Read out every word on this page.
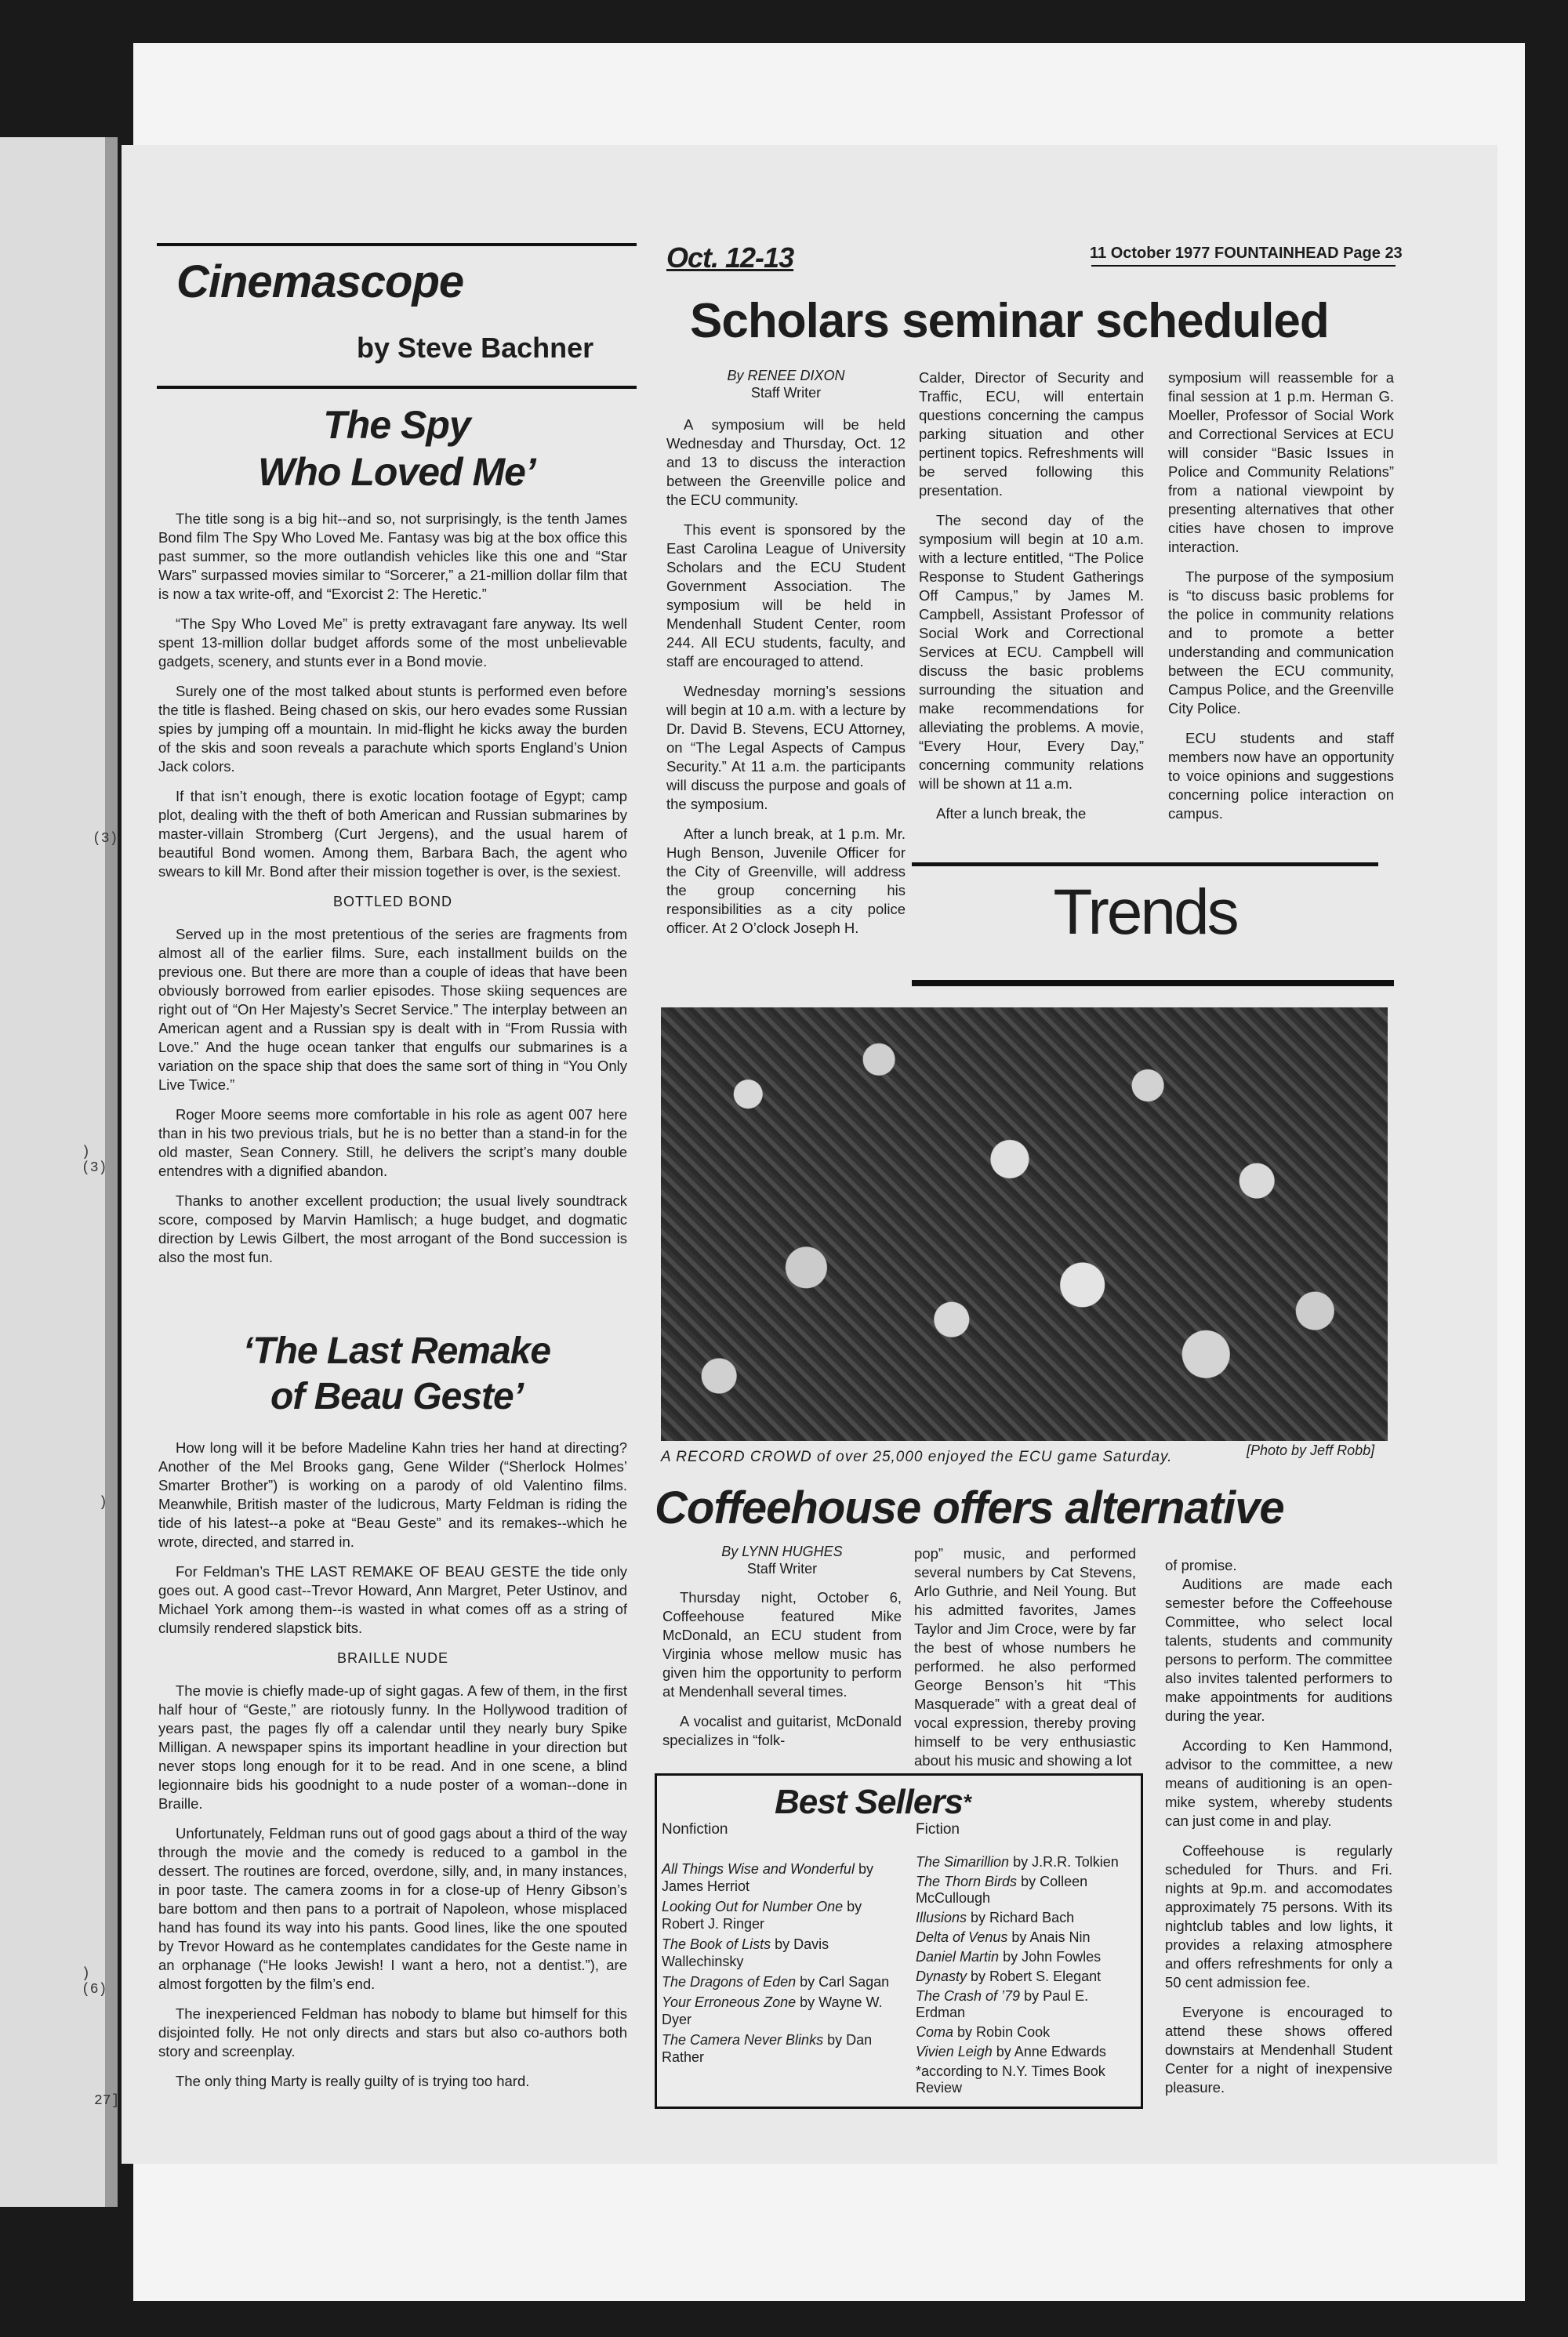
(3)
) (3)
)
) (6)
27]
Cinemascope
by Steve Bachner
The Spy
Who Loved Me’

The title song is a big hit--and so, not surprisingly, is the tenth James Bond film The Spy Who Loved Me. Fantasy was big at the box office this past summer, so the more outlandish vehicles like this one and “Star Wars” surpassed movies similar to “Sorcerer,” a 21-million dollar film that is now a tax write-off, and “Exorcist 2: The Heretic.”

“The Spy Who Loved Me” is pretty extravagant fare anyway. Its well spent 13-million dollar budget affords some of the most unbelievable gadgets, scenery, and stunts ever in a Bond movie.

Surely one of the most talked about stunts is performed even before the title is flashed. Being chased on skis, our hero evades some Russian spies by jumping off a mountain. In mid-flight he kicks away the burden of the skis and soon reveals a parachute which sports England’s Union Jack colors.

If that isn’t enough, there is exotic location footage of Egypt; camp plot, dealing with the theft of both American and Russian submarines by master-villain Stromberg (Curt Jergens), and the usual harem of beautiful Bond women. Among them, Barbara Bach, the agent who swears to kill Mr. Bond after their mission together is over, is the sexiest.

BOTTLED BOND

Served up in the most pretentious of the series are fragments from almost all of the earlier films. Sure, each installment builds on the previous one. But there are more than a couple of ideas that have been obviously borrowed from earlier episodes. Those skiing sequences are right out of “On Her Majesty’s Secret Service.” The interplay between an American agent and a Russian spy is dealt with in “From Russia with Love.” And the huge ocean tanker that engulfs our submarines is a variation on the space ship that does the same sort of thing in “You Only Live Twice.”

Roger Moore seems more comfortable in his role as agent 007 here than in his two previous trials, but he is no better than a stand-in for the old master, Sean Connery. Still, he delivers the script’s many double entendres with a dignified abandon.

Thanks to another excellent production; the usual lively soundtrack score, composed by Marvin Hamlisch; a huge budget, and dogmatic direction by Lewis Gilbert, the most arrogant of the Bond succession is also the most fun.

‘The Last Remake
of Beau Geste’

How long will it be before Madeline Kahn tries her hand at directing? Another of the Mel Brooks gang, Gene Wilder (“Sherlock Holmes’ Smarter Brother”) is working on a parody of old Valentino films. Meanwhile, British master of the ludicrous, Marty Feldman is riding the tide of his latest--a poke at “Beau Geste” and its remakes--which he wrote, directed, and starred in.

For Feldman’s THE LAST REMAKE OF BEAU GESTE the tide only goes out. A good cast--Trevor Howard, Ann Margret, Peter Ustinov, and Michael York among them--is wasted in what comes off as a string of clumsily rendered slapstick bits.

BRAILLE NUDE

The movie is chiefly made-up of sight gagas. A few of them, in the first half hour of “Geste,” are riotously funny. In the Hollywood tradition of years past, the pages fly off a calendar until they nearly bury Spike Milligan. A newspaper spins its important headline in your direction but never stops long enough for it to be read. And in one scene, a blind legionnaire bids his goodnight to a nude poster of a woman--done in Braille.

Unfortunately, Feldman runs out of good gags about a third of the way through the movie and the comedy is reduced to a gambol in the dessert. The routines are forced, overdone, silly, and, in many instances, in poor taste. The camera zooms in for a close-up of Henry Gibson’s bare bottom and then pans to a portrait of Napoleon, whose misplaced hand has found its way into his pants. Good lines, like the one spouted by Trevor Howard as he contemplates candidates for the Geste name in an orphanage (“He looks Jewish! I want a hero, not a dentist.”), are almost forgotten by the film’s end.

The inexperienced Feldman has nobody to blame but himself for this disjointed folly. He not only directs and stars but also co-authors both story and screenplay.

The only thing Marty is really guilty of is trying too hard.

Oct. 12-13	11 October 1977 FOUNTAINHEAD Page 23
Scholars seminar scheduled
By RENEE DIXON
Staff Writer

A symposium will be held Wednesday and Thursday, Oct. 12 and 13 to discuss the interaction between the Greenville police and the ECU community.

This event is sponsored by the East Carolina League of University Scholars and the ECU Student Government Association. The symposium will be held in Mendenhall Student Center, room 244. All ECU students, faculty, and staff are encouraged to attend.

Wednesday morning’s sessions will begin at 10 a.m. with a lecture by Dr. David B. Stevens, ECU Attorney, on “The Legal Aspects of Campus Security.” At 11 a.m. the participants will discuss the purpose and goals of the symposium.

After a lunch break, at 1 p.m. Mr. Hugh Benson, Juvenile Officer for the City of Greenville, will address the group concerning his responsibilities as a city police officer. At 2 O’clock Joseph H.

Calder, Director of Security and Traffic, ECU, will entertain questions concerning the campus parking situation and other pertinent topics. Refreshments will be served following this presentation.

The second day of the symposium will begin at 10 a.m. with a lecture entitled, “The Police Response to Student Gatherings Off Campus,” by James M. Campbell, Assistant Professor of Social Work and Correctional Services at ECU. Campbell will discuss the basic problems surrounding the situation and make recommendations for alleviating the problems. A movie, “Every Hour, Every Day,” concerning community relations will be shown at 11 a.m.

After a lunch break, the

symposium will reassemble for a final session at 1 p.m. Herman G. Moeller, Professor of Social Work and Correctional Services at ECU will consider “Basic Issues in Police and Community Relations” from a national viewpoint by presenting alternatives that other cities have chosen to improve interaction.

The purpose of the symposium is “to discuss basic problems for the police in community relations and to promote a better understanding and communication between the ECU community, Campus Police, and the Greenville City Police.

ECU students and staff members now have an opportunity to voice opinions and suggestions concerning police interaction on campus.

Trends
A RECORD CROWD of over 25,000 enjoyed the ECU game Saturday.	[Photo by Jeff Robb]
Coffeehouse offers alternative
By LYNN HUGHES
Staff Writer

Thursday night, October 6, Coffeehouse featured Mike McDonald, an ECU student from Virginia whose mellow music has given him the opportunity to perform at Mendenhall several times.

A vocalist and guitarist, McDonald specializes in “folk-

pop” music, and performed several numbers by Cat Stevens, Arlo Guthrie, and Neil Young. But his admitted favorites, James Taylor and Jim Croce, were by far the best of whose numbers he performed. he also performed George Benson’s hit “This Masquerade” with a great deal of vocal expression, thereby proving himself to be very enthusiastic about his music and showing a lot

of promise.

Auditions are made each semester before the Coffeehouse Committee, who select local talents, students and community persons to perform. The committee also invites talented performers to make appointments for auditions during the year.

According to Ken Hammond, advisor to the committee, a new means of auditioning is an open-mike system, whereby students can just come in and play.

Coffeehouse is regularly scheduled for Thurs. and Fri. nights at 9p.m. and accomodates approximately 75 persons. With its nightclub tables and low lights, it provides a relaxing atmosphere and offers refreshments for only a 50 cent admission fee.

Everyone is encouraged to attend these shows offered downstairs at Mendenhall Student Center for a night of inexpensive pleasure.

Best Sellers*
Nonfiction	Fiction
All Things Wise and Wonderful by James Herriot
Looking Out for Number One by Robert J. Ringer
The Book of Lists by Davis Wallechinsky
The Dragons of Eden by Carl Sagan
Your Erroneous Zone by Wayne W. Dyer
The Camera Never Blinks by Dan Rather
The Simarillion by J.R.R. Tolkien
The Thorn Birds by Colleen McCullough
Illusions by Richard Bach
Delta of Venus by Anais Nin
Daniel Martin by John Fowles
Dynasty by Robert S. Elegant
The Crash of ’79 by Paul E. Erdman
Coma by Robin Cook
Vivien Leigh by Anne Edwards
*according to N.Y. Times Book Review
